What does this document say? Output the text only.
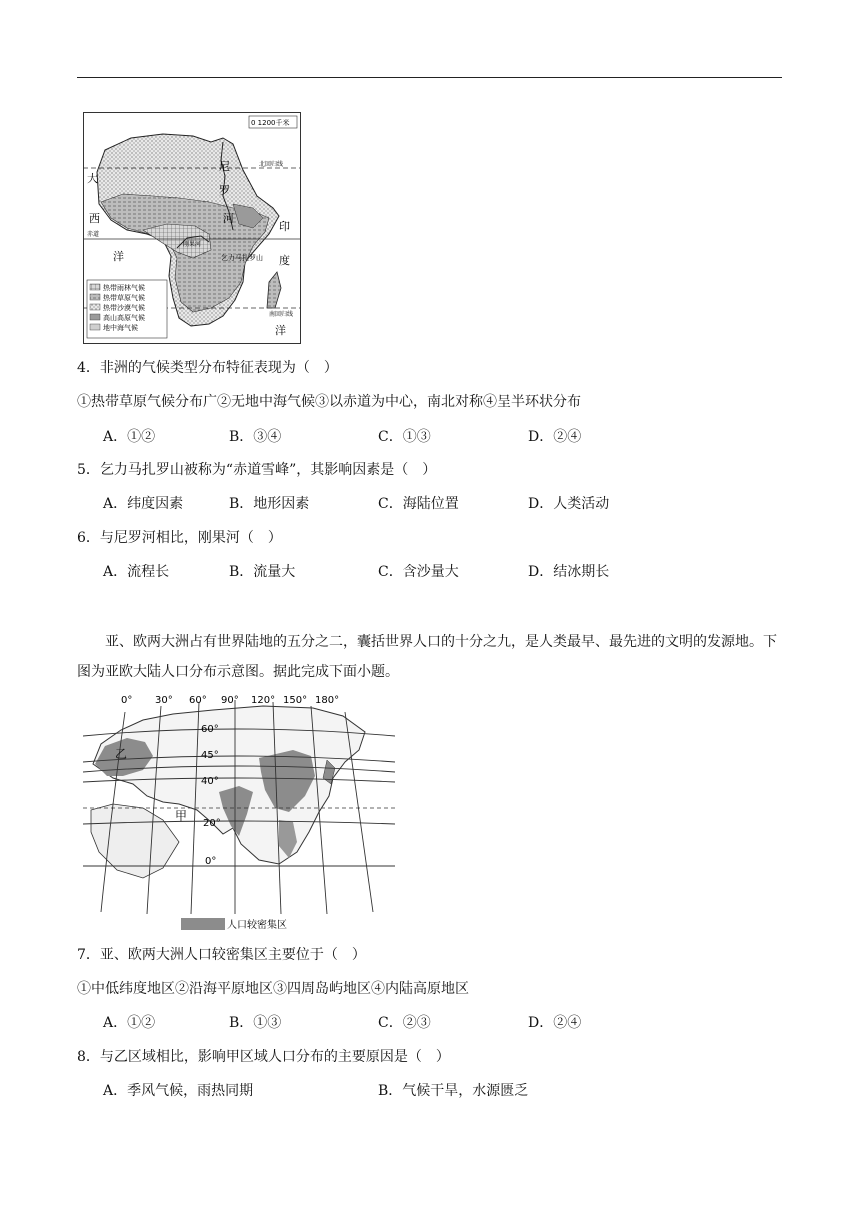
0 1200千米
尼
罗
河
大
西
印
度
洋
洋
北回归线
赤道
刚果河
乞力马扎罗山
南回归线
热带雨林气候
热带草原气候
热带沙漠气候
高山高原气候
地中海气候
4．非洲的气候类型分布特征表现为（　）
①热带草原气候分布广②无地中海气候③以赤道为中心，南北对称④呈半环状分布
A．①②	B．③④	C．①③	D．②④
5．乞力马扎罗山被称为“赤道雪峰”，其影响因素是（　）
A．纬度因素	B．地形因素	C．海陆位置	D．人类活动
6．与尼罗河相比，刚果河（　）
A．流程长	B．流量大	C．含沙量大	D．结冰期长
亚、欧两大洲占有世界陆地的五分之二，囊括世界人口的十分之九，是人类最早、最先进的文明的发源地。下图为亚欧大陆人口分布示意图。据此完成下面小题。
0° 30° 60° 90° 120° 150° 180°
60°
45°
40°
20°
0°
乙
甲
人口较密集区
7．亚、欧两大洲人口较密集区主要位于（　）
①中低纬度地区②沿海平原地区③四周岛屿地区④内陆高原地区
A．①②	B．①③	C．②③	D．②④
8．与乙区域相比，影响甲区域人口分布的主要原因是（　）
A．季风气候，雨热同期	B．气候干旱，水源匮乏
